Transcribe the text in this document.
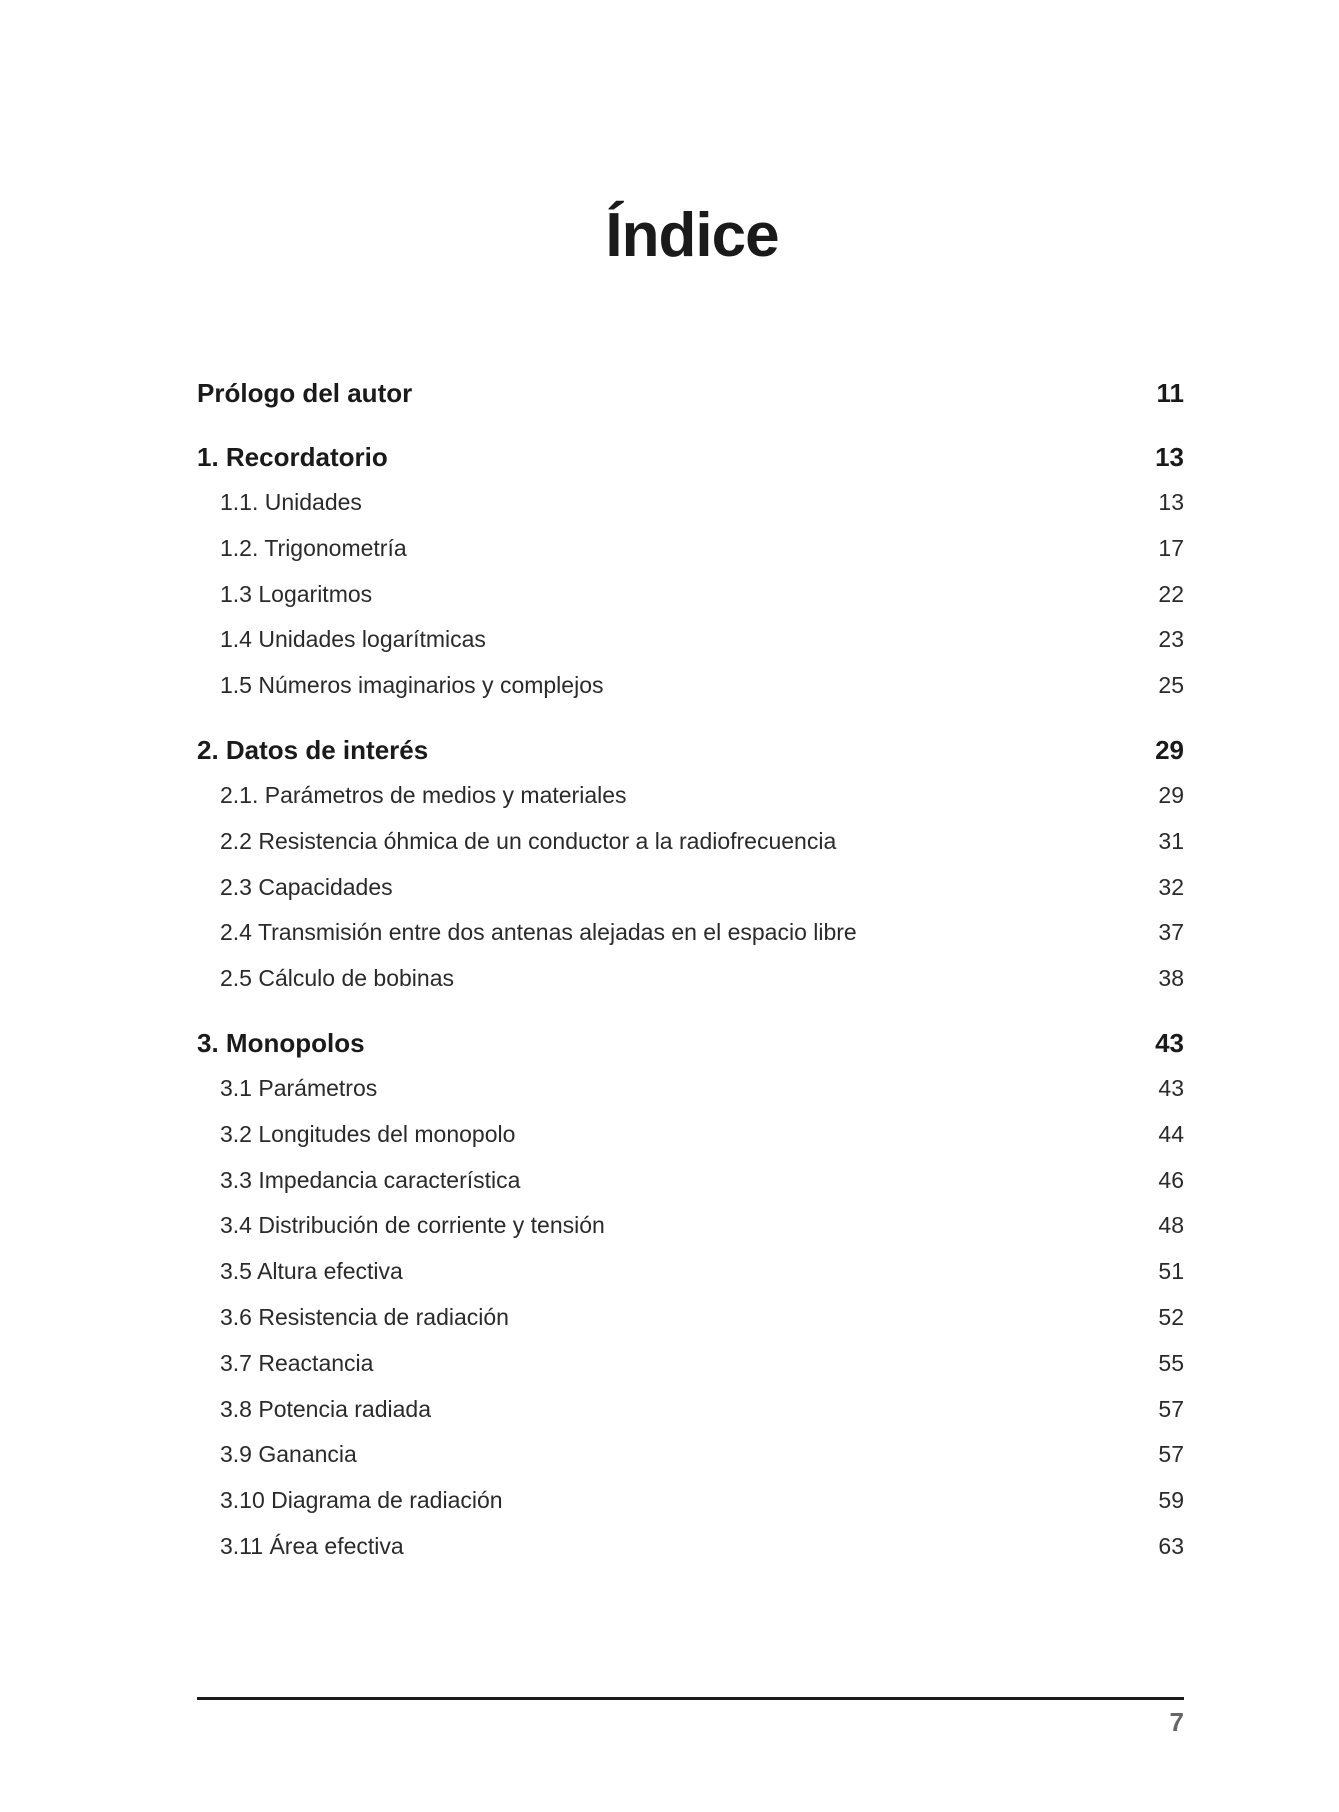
Índice
Prólogo del autor	11
1. Recordatorio	13
1.1. Unidades	13
1.2. Trigonometría	17
1.3 Logaritmos	22
1.4 Unidades logarítmicas	23
1.5 Números imaginarios y complejos	25
2. Datos de interés	29
2.1. Parámetros de medios y materiales	29
2.2 Resistencia óhmica de un conductor a la radiofrecuencia	31
2.3 Capacidades	32
2.4 Transmisión entre dos antenas alejadas en el espacio libre	37
2.5 Cálculo de bobinas	38
3. Monopolos	43
3.1 Parámetros	43
3.2 Longitudes del monopolo	44
3.3 Impedancia característica	46
3.4 Distribución de corriente y tensión	48
3.5 Altura efectiva	51
3.6 Resistencia de radiación	52
3.7 Reactancia	55
3.8 Potencia radiada	57
3.9 Ganancia	57
3.10 Diagrama de radiación	59
3.11 Área efectiva	63
7
